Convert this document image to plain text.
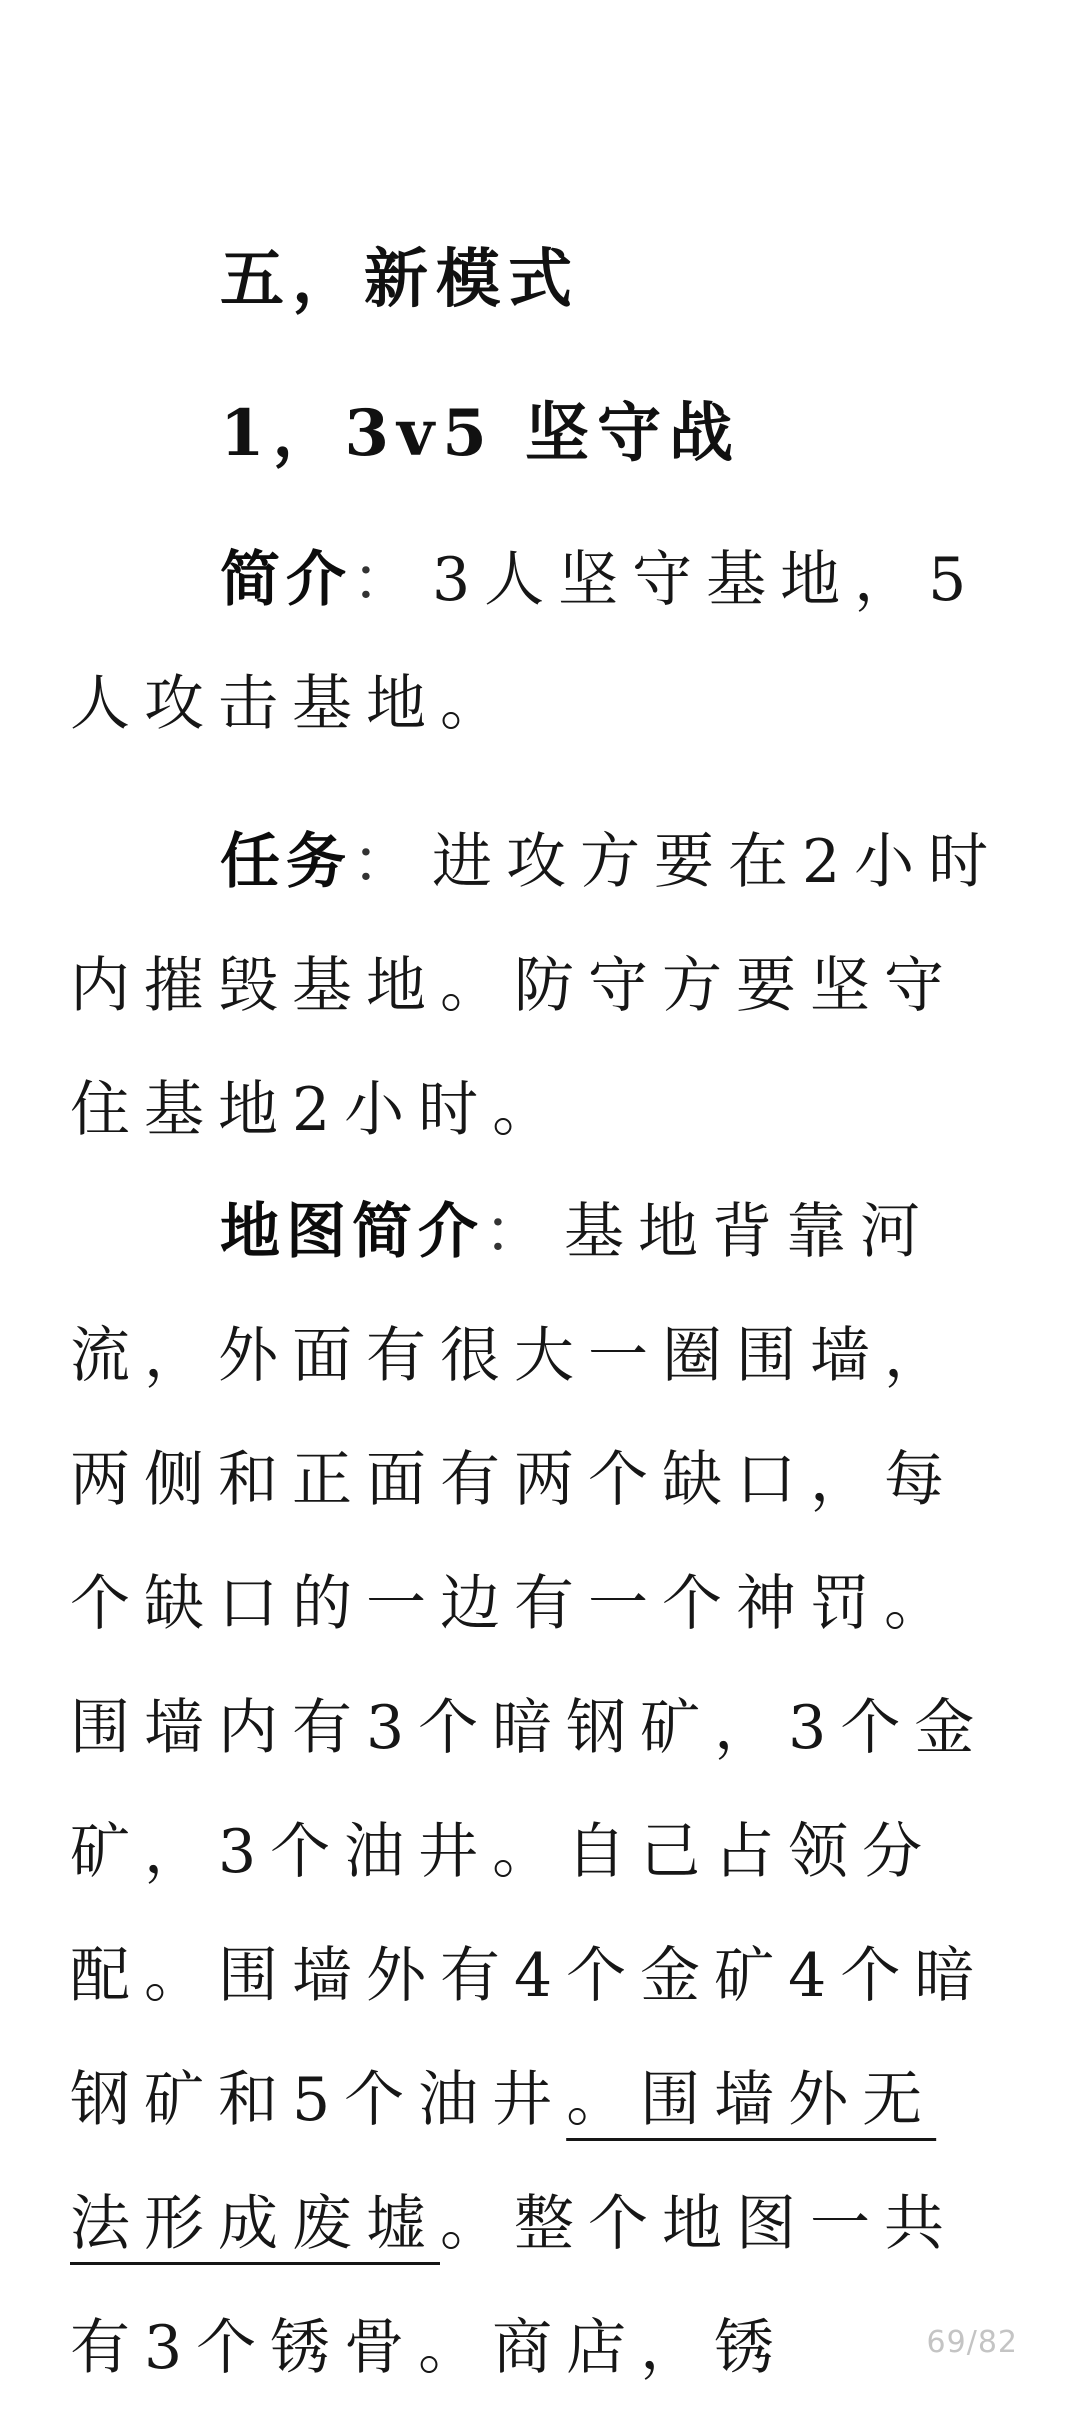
五，新模式
1，3v5 坚守战

简介： 3人坚守基地，5人攻击基地。

任务： 进攻方要在2小时内摧毁基地。防守方要坚守住基地2小时。

地图简介： 基地背靠河流，外面有很大一圈围墙，两侧和正面有两个缺口，每个缺口的一边有一个神罚。围墙内有3个暗钢矿，3个金矿，3个油井。自己占领分配。围墙外有4个金矿4个暗钢矿和5个油井。围墙外无法形成废墟。整个地图一共有3个锈骨。商店，锈	69/82
